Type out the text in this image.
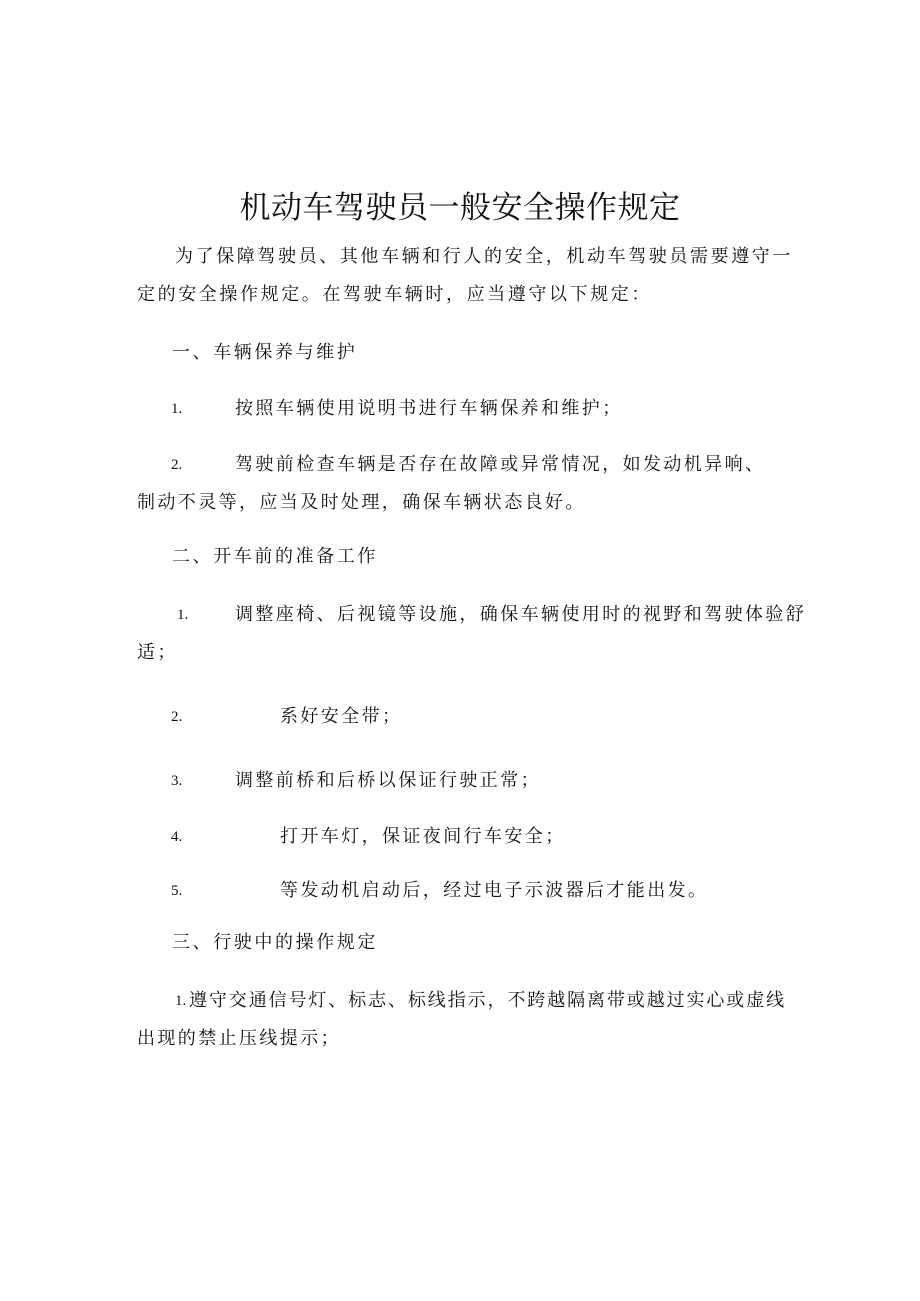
机动车驾驶员一般安全操作规定
为了保障驾驶员、其他车辆和行人的安全，机动车驾驶员需要遵守一
定的安全操作规定。在驾驶车辆时，应当遵守以下规定：
一、车辆保养与维护
1.	按照车辆使用说明书进行车辆保养和维护；
2.	驾驶前检查车辆是否存在故障或异常情况，如发动机异响、
制动不灵等，应当及时处理，确保车辆状态良好。
二、开车前的准备工作
1.	调整座椅、后视镜等设施，确保车辆使用时的视野和驾驶体验舒
适；
2.	系好安全带；
3.	调整前桥和后桥以保证行驶正常；
4.	打开车灯，保证夜间行车安全；
5.	等发动机启动后，经过电子示波器后才能出发。
三、行驶中的操作规定
1. 遵守交通信号灯、标志、标线指示，不跨越隔离带或越过实心或虚线
出现的禁止压线提示；
